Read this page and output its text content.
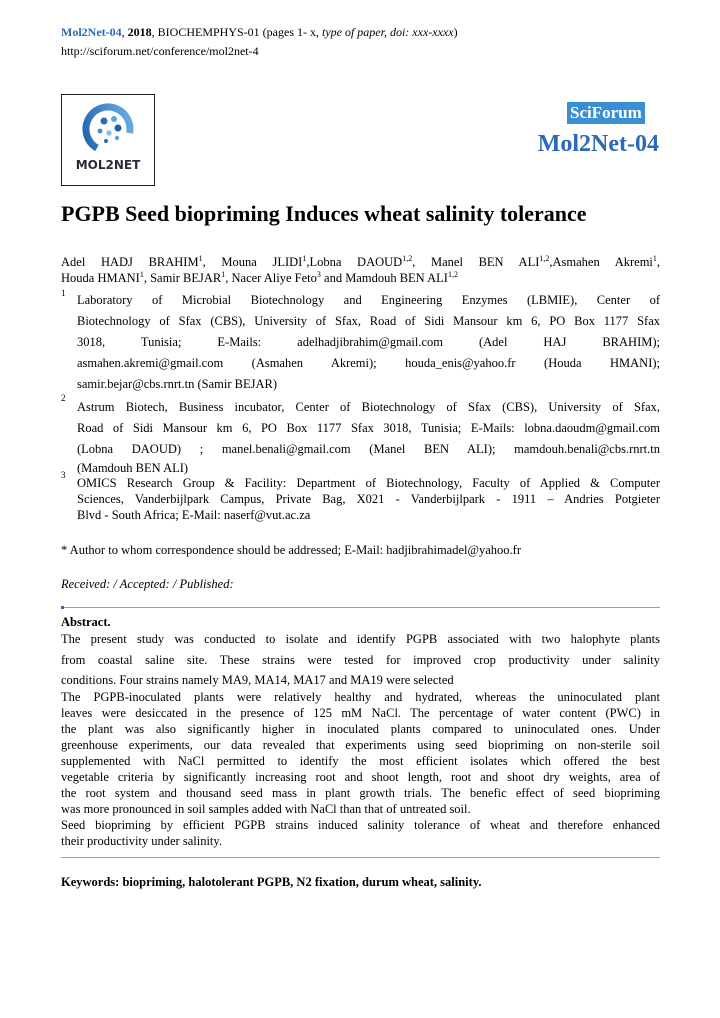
Mol2Net-04, 2018, BIOCHEMPHYS-01 (pages 1- x, type of paper, doi: xxx-xxxx)
http://sciforum.net/conference/mol2net-4
MOL2NET
SciForum
Mol2Net-04
PGPB Seed biopriming Induces wheat salinity tolerance
Adel HADJ BRAHIM$^1$, Mouna JLIDI$^1$,Lobna DAOUD$^{1,2}$, Manel BEN ALI$^{1,2}$,Asmahen Akremi$^1$,
Houda HMANI$^1$, Samir BEJAR$^1$, Nacer Aliye Feto$^3$ and Mamdouh BEN ALI$^{1,2}$
1 Laboratory of Microbial Biotechnology and Engineering Enzymes (LBMIE), Center of
Biotechnology of Sfax (CBS), University of Sfax, Road of Sidi Mansour km 6, PO Box 1177 Sfax
3018, Tunisia; E-Mails: adelhadjibrahim@gmail.com (Adel HAJ BRAHIM);
asmahen.akremi@gmail.com (Asmahen Akremi); houda_enis@yahoo.fr (Houda HMANI);
samir.bejar@cbs.rnrt.tn (Samir BEJAR)
2
Astrum Biotech, Business incubator, Center of Biotechnology of Sfax (CBS), University of Sfax,
Road of Sidi Mansour km 6, PO Box 1177 Sfax 3018, Tunisia; E-Mails: lobna.daoudm@gmail.com
(Lobna DAOUD) ; manel.benali@gmail.com (Manel BEN ALI); mamdouh.benali@cbs.rnrt.tn
(Mamdouh BEN ALI)
3
OMICS Research Group & Facility: Department of Biotechnology, Faculty of Applied & Computer
Sciences, Vanderbijlpark Campus, Private Bag, X021 - Vanderbijlpark - 1911 – Andries Potgieter
Blvd - South Africa; E-Mail: naserf@vut.ac.za
* Author to whom correspondence should be addressed; E-Mail: hadjibrahimadel@yahoo.fr
Received: / Accepted: / Published:
Abstract.
The present study was conducted to isolate and identify PGPB associated with two halophyte plants
from coastal saline site. These strains were tested for improved crop productivity under salinity
conditions. Four strains namely MA9, MA14, MA17 and MA19 were selected
The PGPB-inoculated plants were relatively healthy and hydrated, whereas the uninoculated plant
leaves were desiccated in the presence of 125 mM NaCl. The percentage of water content (PWC) in
the plant was also significantly higher in inoculated plants compared to uninoculated ones. Under
greenhouse experiments, our data revealed that experiments using seed biopriming on non-sterile soil
supplemented with NaCl permitted to identify the most efficient isolates which offered the best
vegetable criteria by significantly increasing root and shoot length, root and shoot dry weights, area of
the root system and thousand seed mass in plant growth trials. The benefic effect of seed biopriming
was more pronounced in soil samples added with NaCl than that of untreated soil.
Seed biopriming by efficient PGPB strains induced salinity tolerance of wheat and therefore enhanced
their productivity under salinity.
Keywords: biopriming, halotolerant PGPB, N2 fixation, durum wheat, salinity.
